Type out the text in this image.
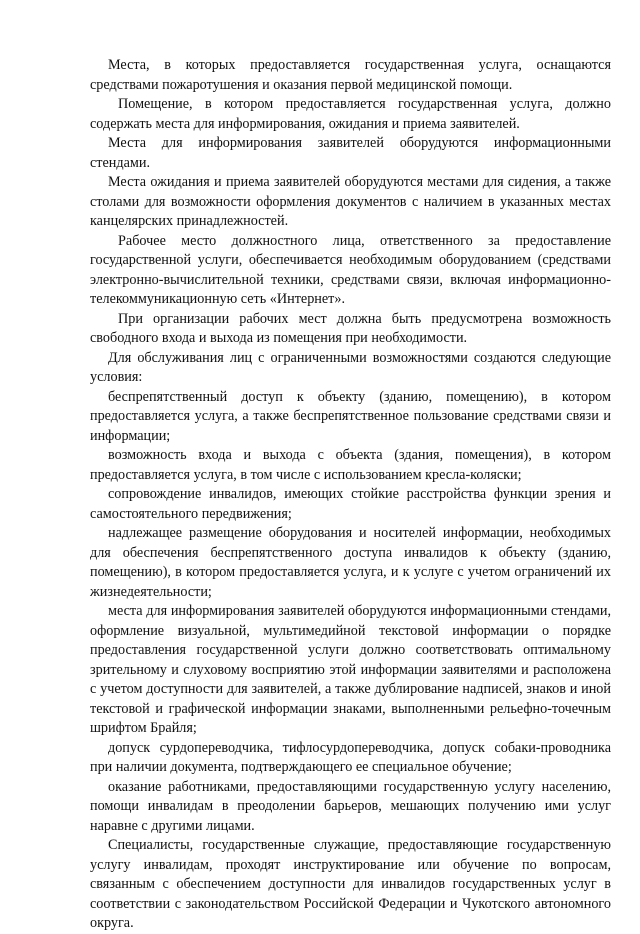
Места, в которых предоставляется государственная услуга, оснащаются средствами пожаротушения и оказания первой медицинской помощи.

Помещение, в котором предоставляется государственная услуга, должно содержать места для информирования, ожидания и приема заявителей.

Места для информирования заявителей оборудуются информационными стендами.

Места ожидания и приема заявителей оборудуются местами для сидения, а также столами для возможности оформления документов с наличием в указанных местах канцелярских принадлежностей.

Рабочее место должностного лица, ответственного за предоставление государственной услуги, обеспечивается необходимым оборудованием (средствами электронно-вычислительной техники, средствами связи, включая информационно-телекоммуникационную сеть «Интернет».

При организации рабочих мест должна быть предусмотрена возможность свободного входа и выхода из помещения при необходимости.

Для обслуживания лиц с ограниченными возможностями создаются следующие условия:

беспрепятственный доступ к объекту (зданию, помещению), в котором предоставляется услуга, а также беспрепятственное пользование средствами связи и информации;

возможность входа и выхода с объекта (здания, помещения), в котором предоставляется услуга, в том числе с использованием кресла-коляски;

сопровождение инвалидов, имеющих стойкие расстройства функции зрения и самостоятельного передвижения;

надлежащее размещение оборудования и носителей информации, необходимых для обеспечения беспрепятственного доступа инвалидов к объекту (зданию, помещению), в котором предоставляется услуга, и к услуге с учетом ограничений их жизнедеятельности;

места для информирования заявителей оборудуются информационными стендами, оформление визуальной, мультимедийной текстовой информации о порядке предоставления государственной услуги должно соответствовать оптимальному зрительному и слуховому восприятию этой информации заявителями и расположена с учетом доступности для заявителей, а также дублирование надписей, знаков и иной текстовой и графической информации знаками, выполненными рельефно-точечным шрифтом Брайля;

допуск сурдопереводчика, тифлосурдопереводчика, допуск собаки-проводника при наличии документа, подтверждающего ее специальное обучение;

оказание работниками, предоставляющими государственную услугу населению, помощи инвалидам в преодолении барьеров, мешающих получению ими услуг наравне с другими лицами.

Специалисты, государственные служащие, предоставляющие государственную услугу инвалидам, проходят инструктирование или обучение по вопросам, связанным с обеспечением доступности для инвалидов государственных услуг в соответствии с законодательством Российской Федерации и Чукотского автономного округа.
